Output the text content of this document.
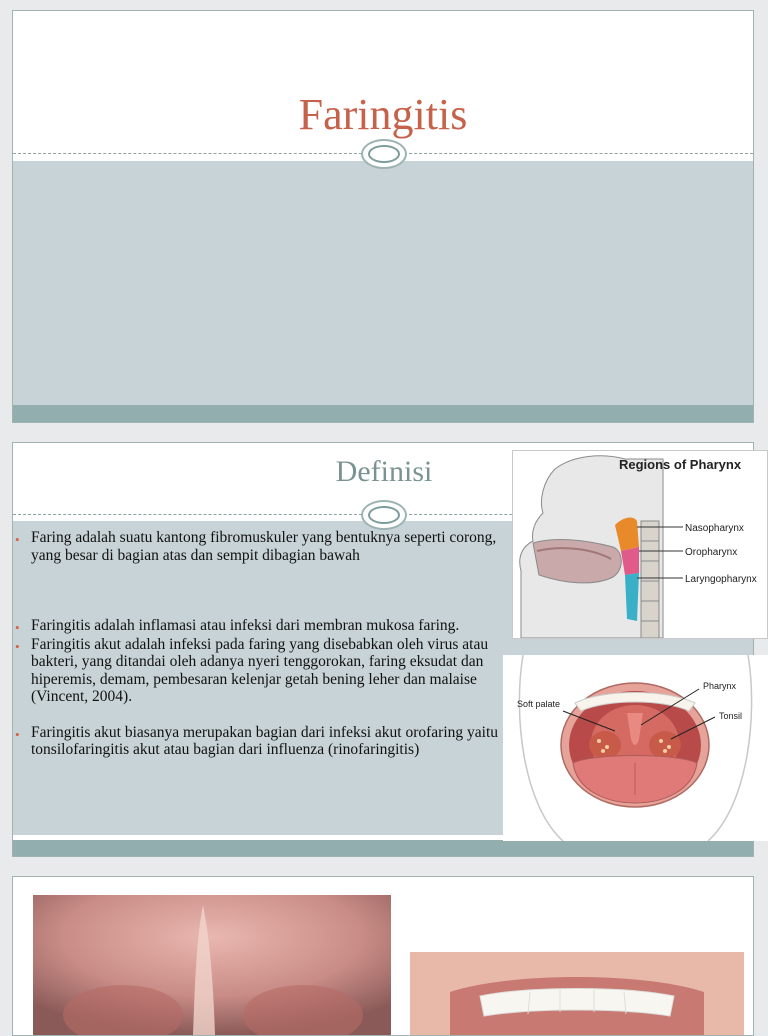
Faringitis
Definisi
• Faring adalah suatu kantong fibromuskuler yang bentuknya seperti corong, yang besar di bagian atas dan sempit dibagian bawah
• Faringitis adalah inflamasi atau infeksi dari membran mukosa faring.
• Faringitis akut adalah infeksi pada faring yang disebabkan oleh virus atau bakteri, yang ditandai oleh adanya nyeri tenggorokan, faring eksudat dan hiperemis, demam, pembesaran kelenjar getah bening leher dan malaise (Vincent, 2004).
• Faringitis akut biasanya merupakan bagian dari infeksi akut orofaring yaitu tonsilofaringitis akut atau bagian dari influenza (rinofaringitis)
Regions of Pharynx
Nasopharynx
Oropharynx
Laryngopharynx
Pharynx
Soft palate
Tonsil
